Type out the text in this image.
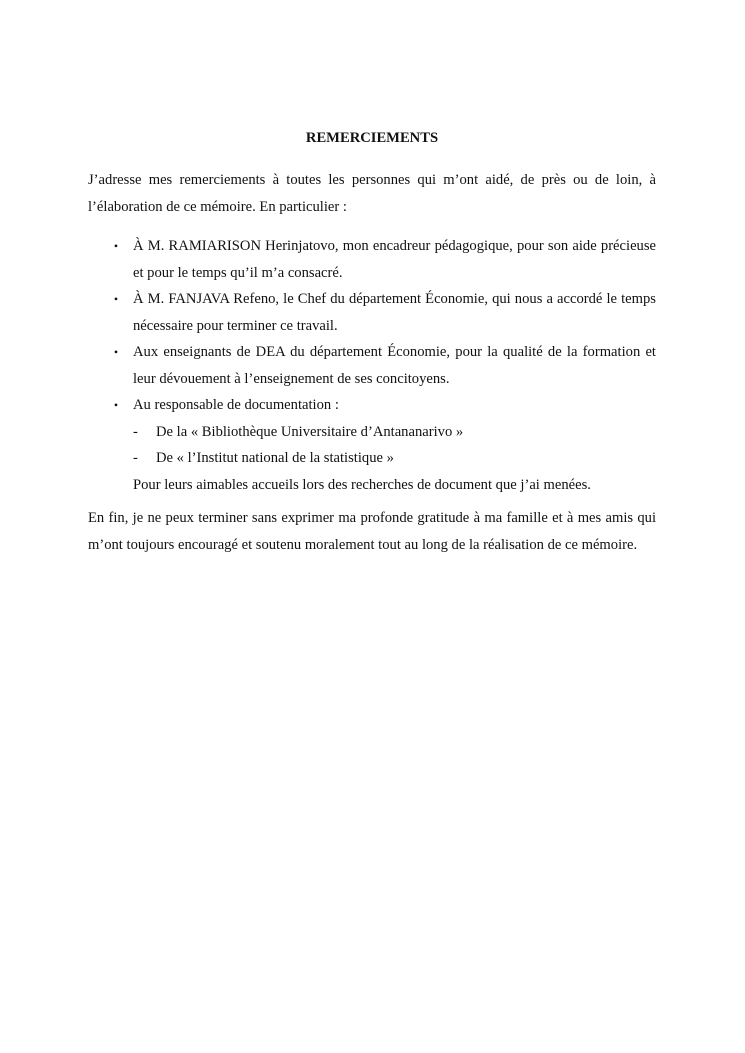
REMERCIEMENTS

J’adresse mes remerciements à toutes les personnes qui m’ont aidé, de près ou de loin, à l’élaboration de ce mémoire. En particulier :

• À M. RAMIARISON Herinjatovo, mon encadreur pédagogique, pour son aide précieuse et pour le temps qu’il m’a consacré.
• À M. FANJAVA Refeno, le Chef du département Économie, qui nous a accordé le temps nécessaire pour terminer ce travail.
• Aux enseignants de DEA du département Économie, pour la qualité de la formation et leur dévouement à l’enseignement de ses concitoyens.
• Au responsable de documentation :
- De la « Bibliothèque Universitaire d’Antananarivo »
- De « l’Institut national de la statistique »
Pour leurs aimables accueils lors des recherches de document que j’ai menées.

En fin, je ne peux terminer sans exprimer ma profonde gratitude à ma famille et à mes amis qui m’ont toujours encouragé et soutenu moralement tout au long de la réalisation de ce mémoire.
